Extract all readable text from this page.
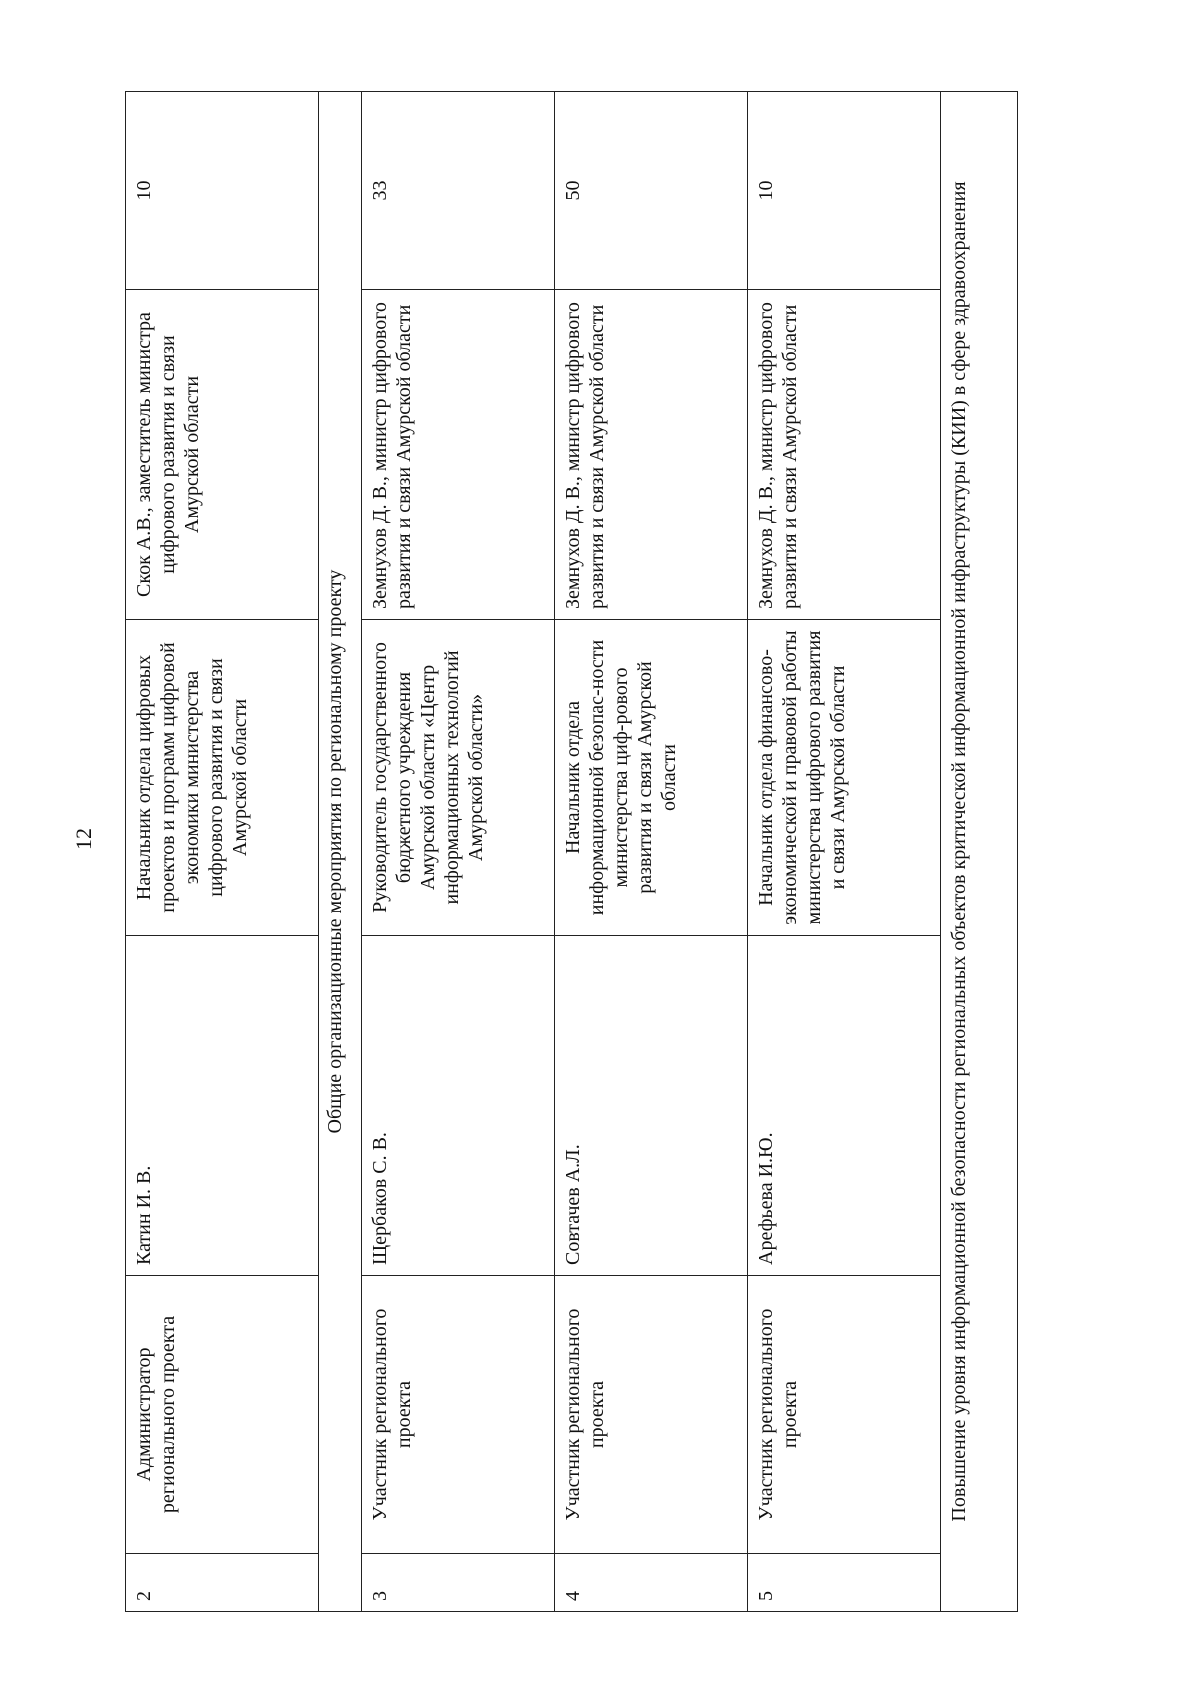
12
2	Администратор регионального проекта	Катин И. В.	Начальник отдела цифровых проектов и программ цифровой экономики министерства цифрового развития и связи Амурской области	Скок А.В., заместитель министра цифрового развития и связи Амурской области	10
Общие организационные мероприятия по региональному проекту					
3	Участник регионального проекта	Щербаков С. В.	Руководитель государственного бюджетного учреждения Амурской области «Центр информационных технологий Амурской области»	Земнухов Д. В., министр цифрового развития и связи Амурской области	33
4	Участник регионального проекта	Совтачев А.Л.	Начальник отдела информационной безопас-ности министерства циф-рового развития и связи Амурской области	Земнухов Д. В., министр цифрового развития и связи Амурской области	50
5	Участник регионального проекта	Арефьева И.Ю.	Начальник отдела финансово-экономической и правовой работы министерства цифрового развития и связи Амурской области	Земнухов Д. В., министр цифрового развития и связи Амурской области	10
Повышение уровня информационной безопасности региональных объектов критической информационной инфраструктуры (КИИ) в сфере здравоохранения					
